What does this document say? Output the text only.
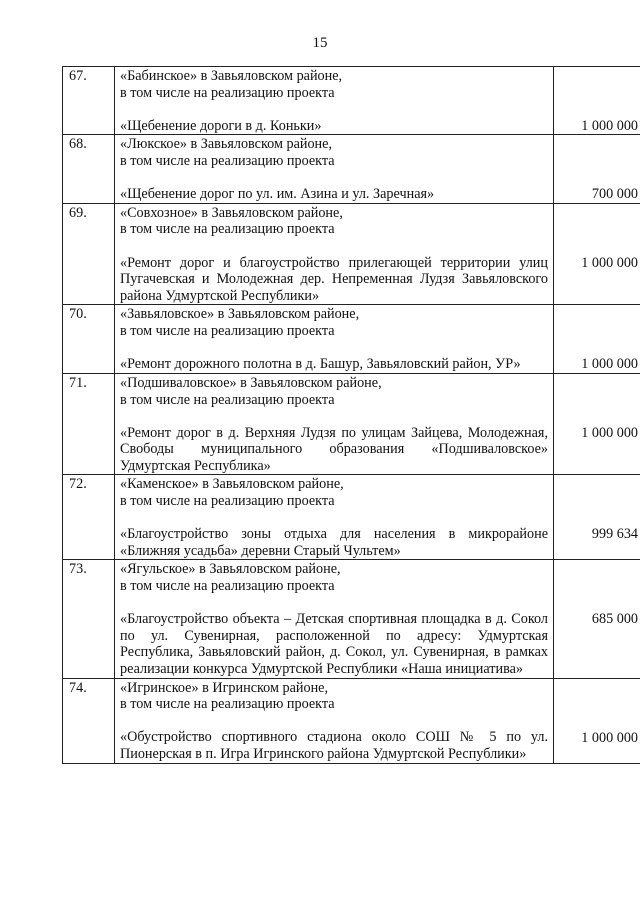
15
67.	«Бабинское» в Завьяловском районе,
в том числе на реализацию проекта
«Щебенение дороги в д. Коньки»	1 000 000
68.	«Люкское» в Завьяловском районе,
в том числе на реализацию проекта
«Щебенение дорог по ул. им. Азина и ул. Заречная»	700 000
69.	«Совхозное» в Завьяловском районе,
в том числе на реализацию проекта
«Ремонт дорог и благоустройство прилегающей территории улиц Пугачевская и Молодежная дер. Непременная Лудзя Завьяловского района Удмуртской Республики»	1 000 000
70.	«Завьяловское» в Завьяловском районе,
в том числе на реализацию проекта
«Ремонт дорожного полотна в д. Башур, Завьяловский район, УР»	1 000 000
71.	«Подшиваловское» в Завьяловском районе,
в том числе на реализацию проекта
«Ремонт дорог в д. Верхняя Лудзя по улицам Зайцева, Молодежная, Свободы муниципального образования «Подшиваловское» Удмуртская Республика»	1 000 000
72.	«Каменское» в Завьяловском районе,
в том числе на реализацию проекта
«Благоустройство зоны отдыха для населения в микрорайоне «Ближняя усадьба» деревни Старый Чультем»	999 634
73.	«Ягульское» в Завьяловском районе,
в том числе на реализацию проекта
«Благоустройство объекта – Детская спортивная площадка в д. Сокол по ул. Сувенирная, расположенной по адресу: Удмуртская Республика, Завьяловский район, д. Сокол, ул. Сувенирная, в рамках реализации конкурса Удмуртской Республики «Наша инициатива»	685 000
74.	«Игринское» в Игринском районе,
в том числе на реализацию проекта
«Обустройство спортивного стадиона около СОШ № 5 по ул. Пионерская в п. Игра Игринского района Удмуртской Республики»	1 000 000
